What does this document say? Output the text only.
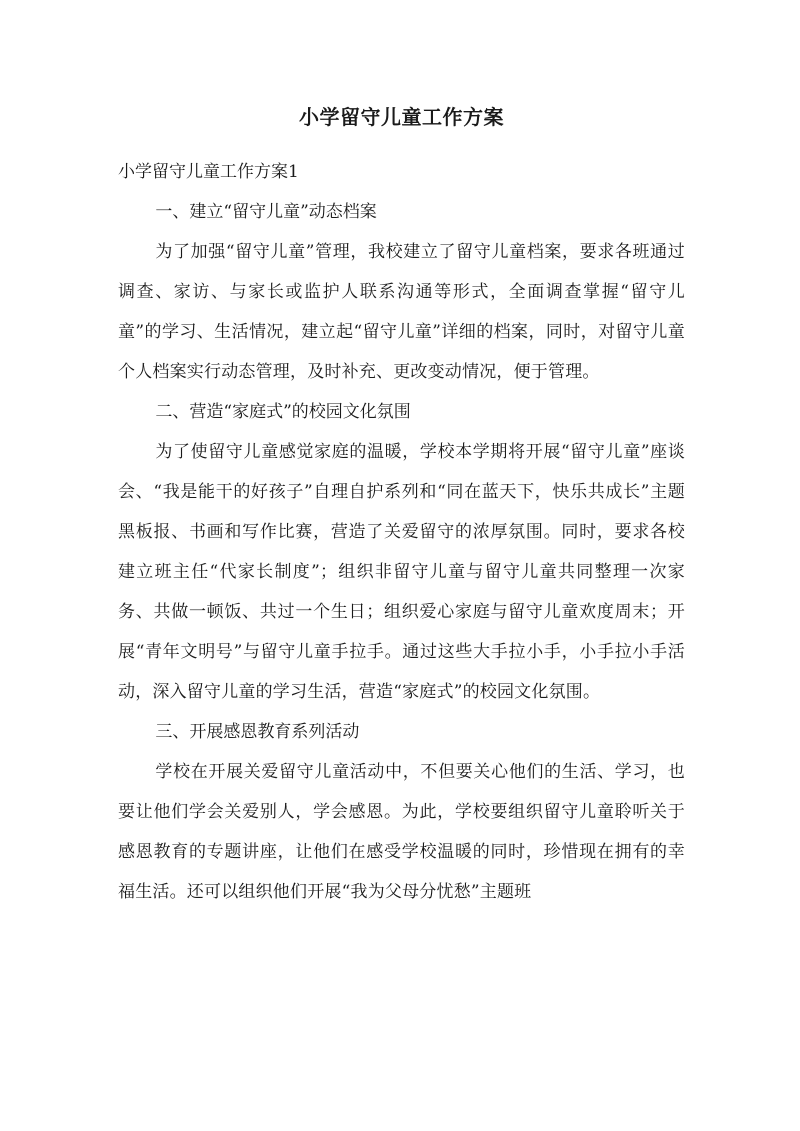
小学留守儿童工作方案

小学留守儿童工作方案1

一、建立“留守儿童”动态档案

为了加强“留守儿童”管理，我校建立了留守儿童档案，要求各班通过调查、家访、与家长或监护人联系沟通等形式，全面调查掌握“留守儿童”的学习、生活情况，建立起“留守儿童”详细的档案，同时，对留守儿童个人档案实行动态管理，及时补充、更改变动情况，便于管理。

二、营造“家庭式”的校园文化氛围

为了使留守儿童感觉家庭的温暖，学校本学期将开展“留守儿童”座谈会、“我是能干的好孩子”自理自护系列和“同在蓝天下，快乐共成长”主题黑板报、书画和写作比赛，营造了关爱留守的浓厚氛围。同时，要求各校建立班主任“代家长制度”；组织非留守儿童与留守儿童共同整理一次家务、共做一顿饭、共过一个生日；组织爱心家庭与留守儿童欢度周末；开展“青年文明号”与留守儿童手拉手。通过这些大手拉小手，小手拉小手活动，深入留守儿童的学习生活，营造“家庭式”的校园文化氛围。

三、开展感恩教育系列活动

学校在开展关爱留守儿童活动中，不但要关心他们的生活、学习，也要让他们学会关爱别人，学会感恩。为此，学校要组织留守儿童聆听关于感恩教育的专题讲座，让他们在感受学校温暖的同时，珍惜现在拥有的幸福生活。还可以组织他们开展“我为父母分忧愁”主题班
